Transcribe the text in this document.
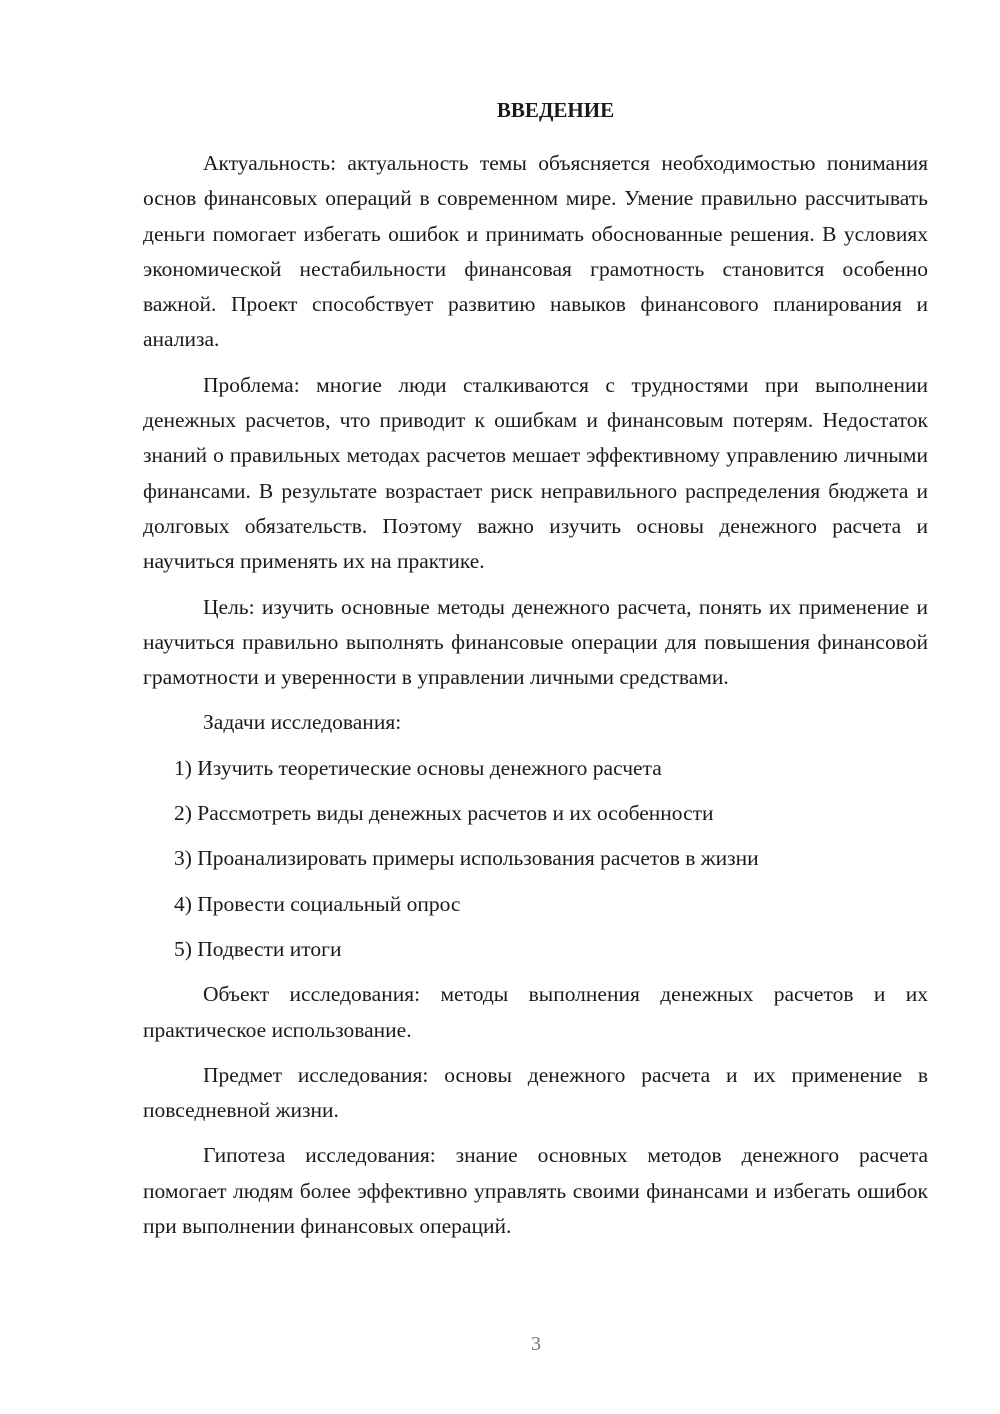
ВВЕДЕНИЕ

Актуальность: актуальность темы объясняется необходимостью понимания основ финансовых операций в современном мире. Умение правильно рассчитывать деньги помогает избегать ошибок и принимать обоснованные решения. В условиях экономической нестабильности финансовая грамотность становится особенно важной. Проект способствует развитию навыков финансового планирования и анализа.

Проблема: многие люди сталкиваются с трудностями при выполнении денежных расчетов, что приводит к ошибкам и финансовым потерям. Недостаток знаний о правильных методах расчетов мешает эффективному управлению личными финансами. В результате возрастает риск неправильного распределения бюджета и долговых обязательств. Поэтому важно изучить основы денежного расчета и научиться применять их на практике.

Цель: изучить основные методы денежного расчета, понять их применение и научиться правильно выполнять финансовые операции для повышения финансовой грамотности и уверенности в управлении личными средствами.

Задачи исследования:

1) Изучить теоретические основы денежного расчета

2) Рассмотреть виды денежных расчетов и их особенности

3) Проанализировать примеры использования расчетов в жизни

4) Провести социальный опрос

5) Подвести итоги

Объект исследования: методы выполнения денежных расчетов и их практическое использование.

Предмет исследования: основы денежного расчета и их применение в повседневной жизни.

Гипотеза исследования: знание основных методов денежного расчета помогает людям более эффективно управлять своими финансами и избегать ошибок при выполнении финансовых операций.

3
